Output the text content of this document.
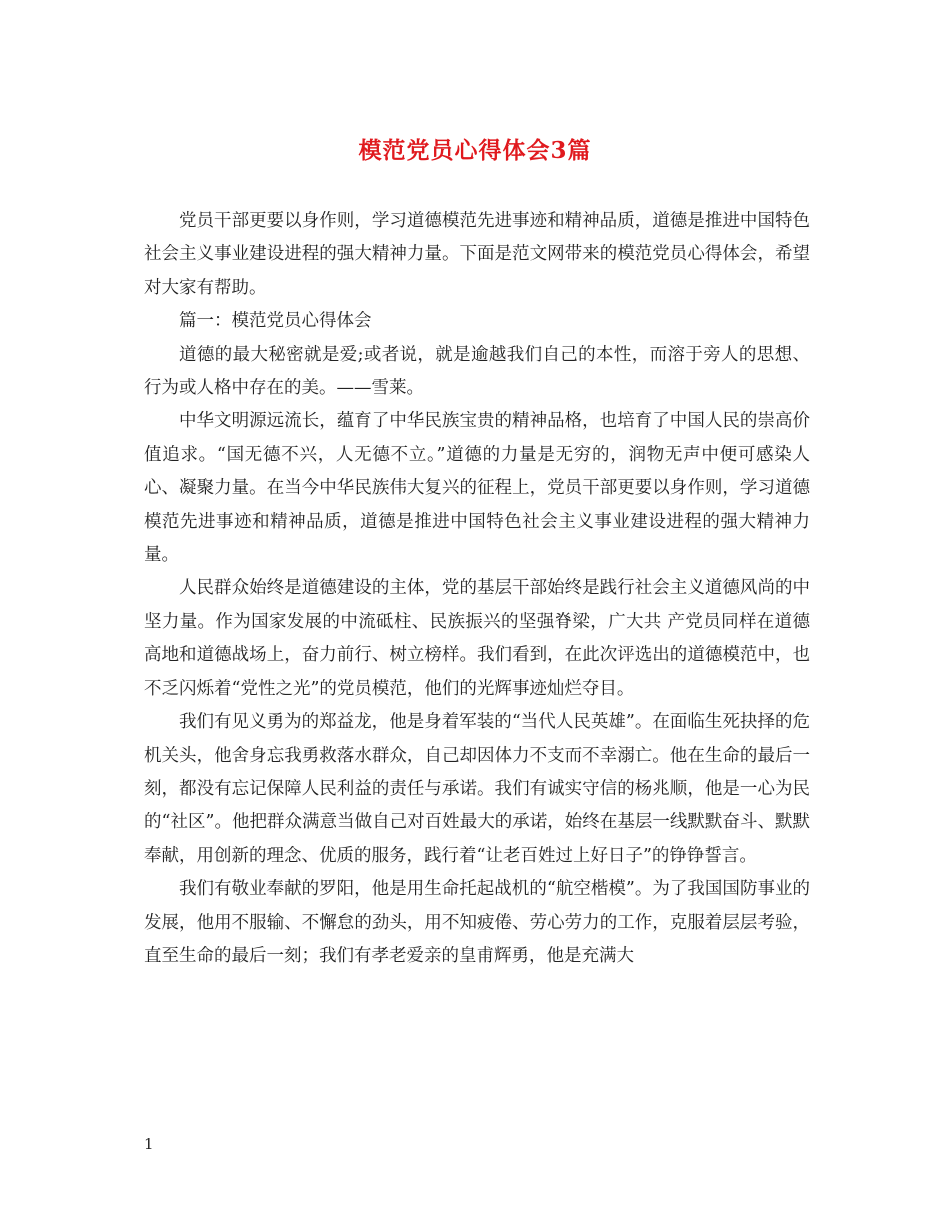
模范党员心得体会3篇

党员干部更要以身作则，学习道德模范先进事迹和精神品质，道德是推进中国特色社会主义事业建设进程的强大精神力量。下面是范文网带来的模范党员心得体会，希望对大家有帮助。

篇一：模范党员心得体会

道德的最大秘密就是爱;或者说，就是逾越我们自己的本性，而溶于旁人的思想、行为或人格中存在的美。——雪莱。

中华文明源远流长，蕴育了中华民族宝贵的精神品格，也培育了中国人民的崇高价值追求。“国无德不兴，人无德不立。”道德的力量是无穷的，润物无声中便可感染人心、凝聚力量。在当今中华民族伟大复兴的征程上，党员干部更要以身作则，学习道德模范先进事迹和精神品质，道德是推进中国特色社会主义事业建设进程的强大精神力量。

人民群众始终是道德建设的主体，党的基层干部始终是践行社会主义道德风尚的中坚力量。作为国家发展的中流砥柱、民族振兴的坚强脊梁，广大共 产党员同样在道德高地和道德战场上，奋力前行、树立榜样。我们看到，在此次评选出的道德模范中，也不乏闪烁着“党性之光”的党员模范，他们的光辉事迹灿烂夺目。

我们有见义勇为的郑益龙，他是身着军装的“当代人民英雄”。在面临生死抉择的危机关头，他舍身忘我勇救落水群众，自己却因体力不支而不幸溺亡。他在生命的最后一刻，都没有忘记保障人民利益的责任与承诺。我们有诚实守信的杨兆顺，他是一心为民的“社区”。他把群众满意当做自己对百姓最大的承诺，始终在基层一线默默奋斗、默默奉献，用创新的理念、优质的服务，践行着“让老百姓过上好日子”的铮铮誓言。

我们有敬业奉献的罗阳，他是用生命托起战机的“航空楷模”。为了我国国防事业的发展，他用不服输、不懈怠的劲头，用不知疲倦、劳心劳力的工作，克服着层层考验，直至生命的最后一刻；我们有孝老爱亲的皇甫辉勇，他是充满大

1
